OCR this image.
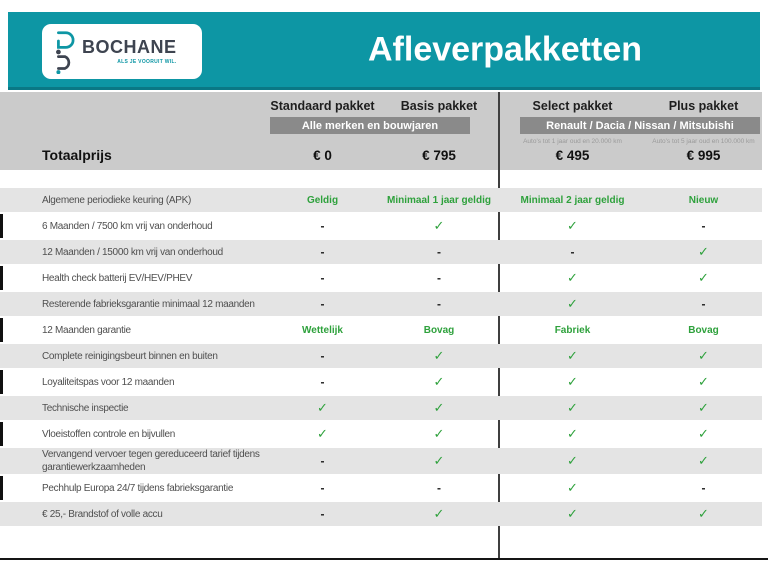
BOCHANE
ALS JE VOORUIT WIL.	Afleverpakketten
Standaard pakket Basis pakket	Select pakket	Plus pakket
Alle merken en bouwjaren	Renault / Dacia / Nissan / Mitsubishi
Auto's tot 1 jaar oud en 20.000 km	Auto's tot 5 jaar oud en 100.000 km
Totaalprijs	€ 0	€ 795	€ 495	€ 995
Algemene periodieke keuring (APK)	Geldig	Minimaal 1 jaar geldig	Minimaal 2 jaar geldig	Nieuw
6 Maanden / 7500 km vrij van onderhoud	-	✓	✓	-
12 Maanden / 15000 km vrij van onderhoud	-	-	-	✓
Health check batterij EV/HEV/PHEV	-	-	✓	✓
Resterende fabrieksgarantie minimaal 12 maanden	-	-	✓	-
12 Maanden garantie	Wettelijk	Bovag	Fabriek	Bovag
Complete reinigingsbeurt binnen en buiten	-	✓	✓	✓
Loyaliteitspas voor 12 maanden	-	✓	✓	✓
Technische inspectie	✓	✓	✓	✓
Vloeistoffen controle en bijvullen	✓	✓	✓	✓
Vervangend vervoer tegen gereduceerd tarief tijdens garantiewerkzaamheden	-	✓	✓	✓
Pechhulp Europa 24/7 tijdens fabrieksgarantie	-	-	✓	-
€ 25,- Brandstof of volle accu	-	✓	✓	✓
